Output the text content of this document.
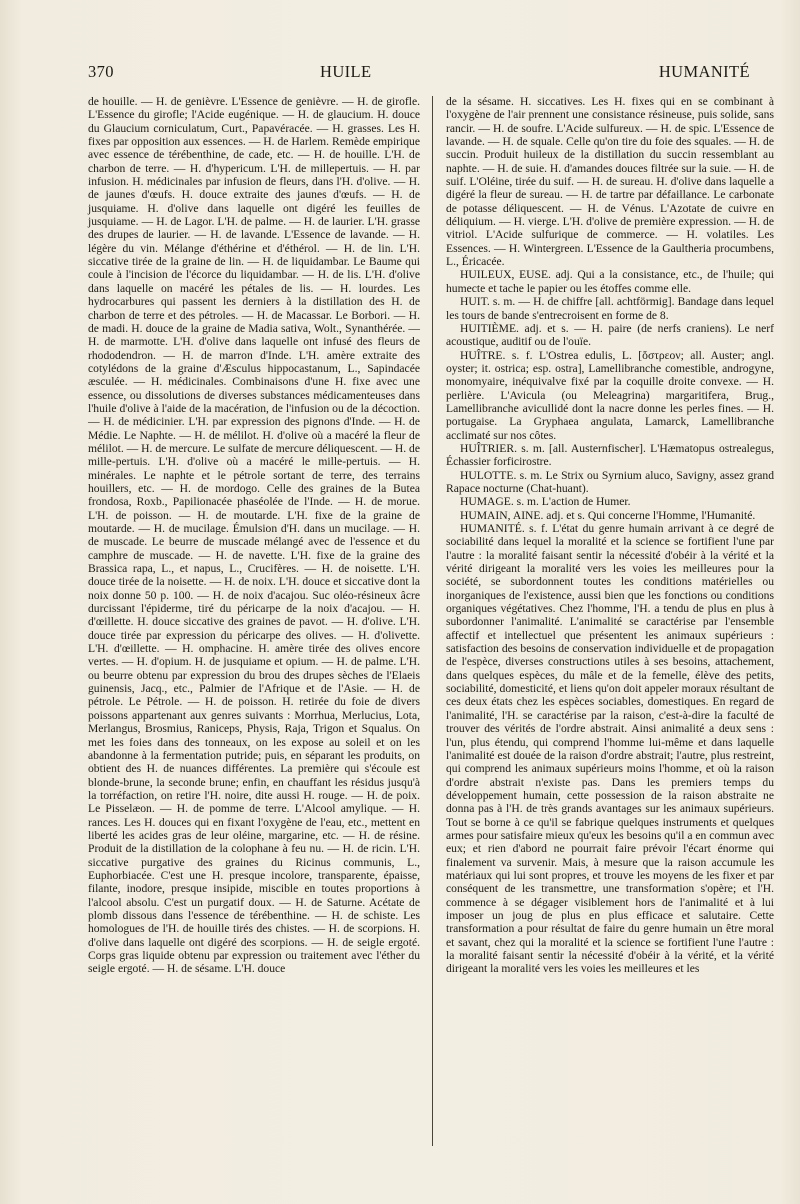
370	HUILE	HUMANITÉ

de houille. — H. de genièvre. L'Essence de genièvre. — H. de girofle. L'Essence du girofle; l'Acide eugénique. — H. de glaucium. H. douce du Glaucium corniculatum, Curt., Papavéracée. — H. grasses. Les H. fixes par opposition aux essences. — H. de Harlem. Remède empirique avec essence de térébenthine, de cade, etc. — H. de houille. L'H. de charbon de terre. — H. d'hypericum. L'H. de millepertuis. — H. par infusion. H. médicinales par infusion de fleurs, dans l'H. d'olive. — H. de jaunes d'œufs. H. douce extraite des jaunes d'œufs. — H. de jusquiame. H. d'olive dans laquelle ont digéré les feuilles de jusquiame. — H. de Lagor. L'H. de palme. — H. de laurier. L'H. grasse des drupes de laurier. — H. de lavande. L'Essence de lavande. — H. légère du vin. Mélange d'éthérine et d'éthérol. — H. de lin. L'H. siccative tirée de la graine de lin. — H. de liquidambar. Le Baume qui coule à l'incision de l'écorce du liquidambar. — H. de lis. L'H. d'olive dans laquelle on macéré les pétales de lis. — H. lourdes. Les hydrocarbures qui passent les derniers à la distillation des H. de charbon de terre et des pétroles. — H. de Macassar. Le Borbori. — H. de madi. H. douce de la graine de Madia sativa, Wolt., Synanthérée. — H. de marmotte. L'H. d'olive dans laquelle ont infusé des fleurs de rhododendron. — H. de marron d'Inde. L'H. amère extraite des cotylédons de la graine d'Æsculus hippocastanum, L., Sapindacée æsculée. — H. médicinales. Combinaisons d'une H. fixe avec une essence, ou dissolutions de diverses substances médicamenteuses dans l'huile d'olive à l'aide de la macération, de l'infusion ou de la décoction. — H. de médicinier. L'H. par expression des pignons d'Inde. — H. de Médie. Le Naphte. — H. de mélilot. H. d'olive où a macéré la fleur de mélilot. — H. de mercure. Le sulfate de mercure déliquescent. — H. de mille-pertuis. L'H. d'olive où a macéré le mille-pertuis. — H. minérales. Le naphte et le pétrole sortant de terre, des terrains houillers, etc. — H. de mordogo. Celle des graines de la Butea frondosa, Roxb., Papilionacée phaséolée de l'Inde. — H. de morue. L'H. de poisson. — H. de moutarde. L'H. fixe de la graine de moutarde. — H. de mucilage. Émulsion d'H. dans un mucilage. — H. de muscade. Le beurre de muscade mélangé avec de l'essence et du camphre de muscade. — H. de navette. L'H. fixe de la graine des Brassica rapa, L., et napus, L., Crucifères. — H. de noisette. L'H. douce tirée de la noisette. — H. de noix. L'H. douce et siccative dont la noix donne 50 p. 100. — H. de noix d'acajou. Suc oléo-résineux âcre durcissant l'épiderme, tiré du péricarpe de la noix d'acajou. — H. d'œillette. H. douce siccative des graines de pavot. — H. d'olive. L'H. douce tirée par expression du péricarpe des olives. — H. d'olivette. L'H. d'œillette. — H. omphacine. H. amère tirée des olives encore vertes. — H. d'opium. H. de jusquiame et opium. — H. de palme. L'H. ou beurre obtenu par expression du brou des drupes sèches de l'Elaeis guinensis, Jacq., etc., Palmier de l'Afrique et de l'Asie. — H. de pétrole. Le Pétrole. — H. de poisson. H. retirée du foie de divers poissons appartenant aux genres suivants : Morrhua, Merlucius, Lota, Merlangus, Brosmius, Raniceps, Physis, Raja, Trigon et Squalus. On met les foies dans des tonneaux, on les expose au soleil et on les abandonne à la fermentation putride; puis, en séparant les produits, on obtient des H. de nuances différentes. La première qui s'écoule est blonde-brune, la seconde brune; enfin, en chauffant les résidus jusqu'à la torréfaction, on retire l'H. noire, dite aussi H. rouge. — H. de poix. Le Pisselæon. — H. de pomme de terre. L'Alcool amylique. — H. rances. Les H. douces qui en fixant l'oxygène de l'eau, etc., mettent en liberté les acides gras de leur oléine, margarine, etc. — H. de résine. Produit de la distillation de la colophane à feu nu. — H. de ricin. L'H. siccative purgative des graines du Ricinus communis, L., Euphorbiacée. C'est une H. presque incolore, transparente, épaisse, filante, inodore, presque insipide, miscible en toutes proportions à l'alcool absolu. C'est un purgatif doux. — H. de Saturne. Acétate de plomb dissous dans l'essence de térébenthine. — H. de schiste. Les homologues de l'H. de houille tirés des chistes. — H. de scorpions. H. d'olive dans laquelle ont digéré des scorpions. — H. de seigle ergoté. Corps gras liquide obtenu par expression ou traitement avec l'éther du seigle ergoté. — H. de sésame. L'H. douce

de la sésame. H. siccatives. Les H. fixes qui en se combinant à l'oxygène de l'air prennent une consistance résineuse, puis solide, sans rancir. — H. de soufre. L'Acide sulfureux. — H. de spic. L'Essence de lavande. — H. de squale. Celle qu'on tire du foie des squales. — H. de succin. Produit huileux de la distillation du succin ressemblant au naphte. — H. de suie. H. d'amandes douces filtrée sur la suie. — H. de suif. L'Oléine, tirée du suif. — H. de sureau. H. d'olive dans laquelle a digéré la fleur de sureau. — H. de tartre par défaillance. Le carbonate de potasse déliquescent. — H. de Vénus. L'Azotate de cuivre en déliquium. — H. vierge. L'H. d'olive de première expression. — H. de vitriol. L'Acide sulfurique de commerce. — H. volatiles. Les Essences. — H. Wintergreen. L'Essence de la Gaultheria procumbens, L., Éricacée.

HUILEUX, EUSE. adj. Qui a la consistance, etc., de l'huile; qui humecte et tache le papier ou les étoffes comme elle.

HUIT. s. m. — H. de chiffre [all. achtförmig]. Bandage dans lequel les tours de bande s'entrecroisent en forme de 8.

HUITIÈME. adj. et s. — H. paire (de nerfs craniens). Le nerf acoustique, auditif ou de l'ouïe.

HUÎTRE. s. f. L'Ostrea edulis, L. [ὄστρεον; all. Auster; angl. oyster; it. ostrica; esp. ostra], Lamellibranche comestible, androgyne, monomyaire, inéquivalve fixé par la coquille droite convexe. — H. perlière. L'Avicula (ou Meleagrina) margaritifera, Brug., Lamellibranche avicullidé dont la nacre donne les perles fines. — H. portugaise. La Gryphaea angulata, Lamarck, Lamellibranche acclimaté sur nos côtes.

HUÎTRIER. s. m. [all. Austernfischer]. L'Hæmatopus ostrealegus, Échassier forficirostre.

HULOTTE. s. m. Le Strix ou Syrnium aluco, Savigny, assez grand Rapace nocturne (Chat-huant).

HUMAGE. s. m. L'action de Humer.

HUMAIN, AINE. adj. et s. Qui concerne l'Homme, l'Humanité.

HUMANITÉ. s. f. L'état du genre humain arrivant à ce degré de sociabilité dans lequel la moralité et la science se fortifient l'une par l'autre : la moralité faisant sentir la nécessité d'obéir à la vérité et la vérité dirigeant la moralité vers les voies les meilleures pour la société, se subordonnent toutes les conditions matérielles ou inorganiques de l'existence, aussi bien que les fonctions ou conditions organiques végétatives. Chez l'homme, l'H. a tendu de plus en plus à subordonner l'animalité. L'animalité se caractérise par l'ensemble affectif et intellectuel que présentent les animaux supérieurs : satisfaction des besoins de conservation individuelle et de propagation de l'espèce, diverses constructions utiles à ses besoins, attachement, dans quelques espèces, du mâle et de la femelle, élève des petits, sociabilité, domesticité, et liens qu'on doit appeler moraux résultant de ces deux états chez les espèces sociables, domestiques. En regard de l'animalité, l'H. se caractérise par la raison, c'est-à-dire la faculté de trouver des vérités de l'ordre abstrait. Ainsi animalité a deux sens : l'un, plus étendu, qui comprend l'homme lui-même et dans laquelle l'animalité est douée de la raison d'ordre abstrait; l'autre, plus restreint, qui comprend les animaux supérieurs moins l'homme, et où la raison d'ordre abstrait n'existe pas. Dans les premiers temps du développement humain, cette possession de la raison abstraite ne donna pas à l'H. de très grands avantages sur les animaux supérieurs. Tout se borne à ce qu'il se fabrique quelques instruments et quelques armes pour satisfaire mieux qu'eux les besoins qu'il a en commun avec eux; et rien d'abord ne pourrait faire prévoir l'écart énorme qui finalement va survenir. Mais, à mesure que la raison accumule les matériaux qui lui sont propres, et trouve les moyens de les fixer et par conséquent de les transmettre, une transformation s'opère; et l'H. commence à se dégager visiblement hors de l'animalité et à lui imposer un joug de plus en plus efficace et salutaire. Cette transformation a pour résultat de faire du genre humain un être moral et savant, chez qui la moralité et la science se fortifient l'une l'autre : la moralité faisant sentir la nécessité d'obéir à la vérité, et la vérité dirigeant la moralité vers les voies les meilleures et les
